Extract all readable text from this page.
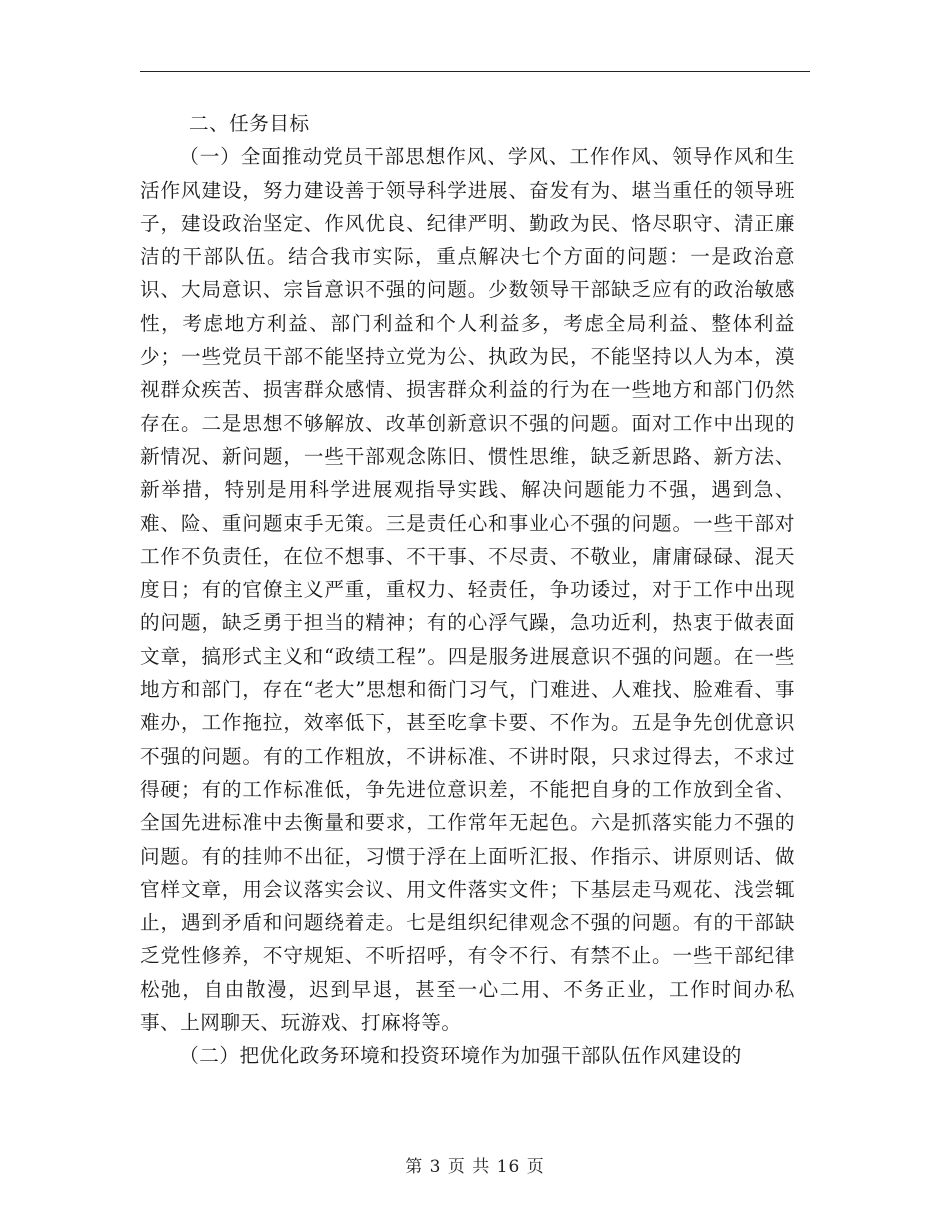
二、任务目标

（一）全面推动党员干部思想作风、学风、工作作风、领导作风和生活作风建设，努力建设善于领导科学进展、奋发有为、堪当重任的领导班子，建设政治坚定、作风优良、纪律严明、勤政为民、恪尽职守、清正廉洁的干部队伍。结合我市实际，重点解决七个方面的问题：一是政治意识、大局意识、宗旨意识不强的问题。少数领导干部缺乏应有的政治敏感性，考虑地方利益、部门利益和个人利益多，考虑全局利益、整体利益少；一些党员干部不能坚持立党为公、执政为民，不能坚持以人为本，漠视群众疾苦、损害群众感情、损害群众利益的行为在一些地方和部门仍然存在。二是思想不够解放、改革创新意识不强的问题。面对工作中出现的新情况、新问题，一些干部观念陈旧、惯性思维，缺乏新思路、新方法、新举措，特别是用科学进展观指导实践、解决问题能力不强，遇到急、难、险、重问题束手无策。三是责任心和事业心不强的问题。一些干部对工作不负责任，在位不想事、不干事、不尽责、不敬业，庸庸碌碌、混天度日；有的官僚主义严重，重权力、轻责任，争功诿过，对于工作中出现的问题，缺乏勇于担当的精神；有的心浮气躁，急功近利，热衷于做表面文章，搞形式主义和“政绩工程”。四是服务进展意识不强的问题。在一些地方和部门，存在“老大”思想和衙门习气，门难进、人难找、脸难看、事难办，工作拖拉，效率低下，甚至吃拿卡要、不作为。五是争先创优意识不强的问题。有的工作粗放，不讲标准、不讲时限，只求过得去，不求过得硬；有的工作标准低，争先进位意识差，不能把自身的工作放到全省、全国先进标准中去衡量和要求，工作常年无起色。六是抓落实能力不强的问题。有的挂帅不出征，习惯于浮在上面听汇报、作指示、讲原则话、做官样文章，用会议落实会议、用文件落实文件；下基层走马观花、浅尝辄止，遇到矛盾和问题绕着走。七是组织纪律观念不强的问题。有的干部缺乏党性修养，不守规矩、不听招呼，有令不行、有禁不止。一些干部纪律松弛，自由散漫，迟到早退，甚至一心二用、不务正业，工作时间办私事、上网聊天、玩游戏、打麻将等。

（二）把优化政务环境和投资环境作为加强干部队伍作风建设的

第 3 页 共 16 页
